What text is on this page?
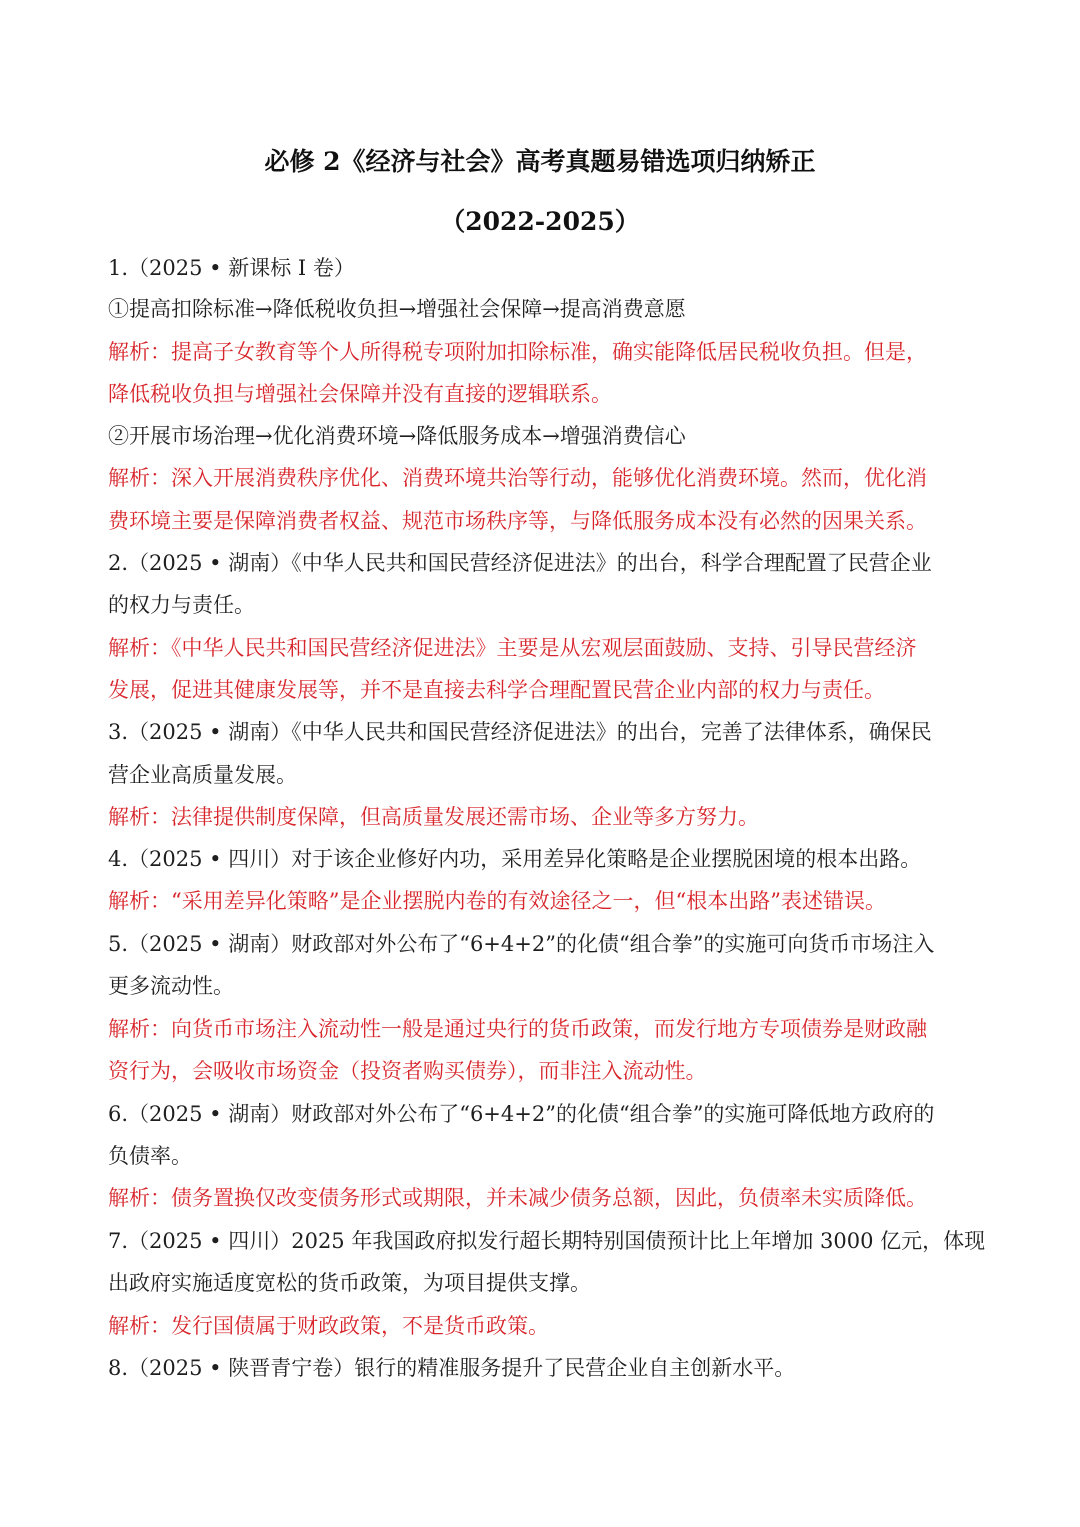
必修 2《经济与社会》高考真题易错选项归纳矫正
（2022-2025）
1.（2025 • 新课标 I 卷）
①提高扣除标准→降低税收负担→增强社会保障→提高消费意愿
解析：提高子女教育等个人所得税专项附加扣除标准，确实能降低居民税收负担。但是，
降低税收负担与增强社会保障并没有直接的逻辑联系。
②开展市场治理→优化消费环境→降低服务成本→增强消费信心
解析：深入开展消费秩序优化、消费环境共治等行动，能够优化消费环境。然而，优化消
费环境主要是保障消费者权益、规范市场秩序等，与降低服务成本没有必然的因果关系。
2.（2025 • 湖南）《中华人民共和国民营经济促进法》的出台，科学合理配置了民营企业
的权力与责任。
解析：《中华人民共和国民营经济促进法》主要是从宏观层面鼓励、支持、引导民营经济
发展，促进其健康发展等，并不是直接去科学合理配置民营企业内部的权力与责任。
3.（2025 • 湖南）《中华人民共和国民营经济促进法》的出台，完善了法律体系，确保民
营企业高质量发展。
解析：法律提供制度保障，但高质量发展还需市场、企业等多方努力。
4.（2025 • 四川）对于该企业修好内功，采用差异化策略是企业摆脱困境的根本出路。
解析：“采用差异化策略”是企业摆脱内卷的有效途径之一，但“根本出路”表述错误。
5.（2025 • 湖南）财政部对外公布了“6+4+2”的化债“组合拳”的实施可向货币市场注入
更多流动性。
解析：向货币市场注入流动性一般是通过央行的货币政策，而发行地方专项债券是财政融
资行为，会吸收市场资金（投资者购买债券），而非注入流动性。
6.（2025 • 湖南）财政部对外公布了“6+4+2”的化债“组合拳”的实施可降低地方政府的
负债率。
解析：债务置换仅改变债务形式或期限，并未减少债务总额，因此，负债率未实质降低。
7.（2025 • 四川）2025 年我国政府拟发行超长期特别国债预计比上年增加 3000 亿元，体现
出政府实施适度宽松的货币政策，为项目提供支撑。
解析：发行国债属于财政政策，不是货币政策。
8.（2025 • 陕晋青宁卷）银行的精准服务提升了民营企业自主创新水平。
